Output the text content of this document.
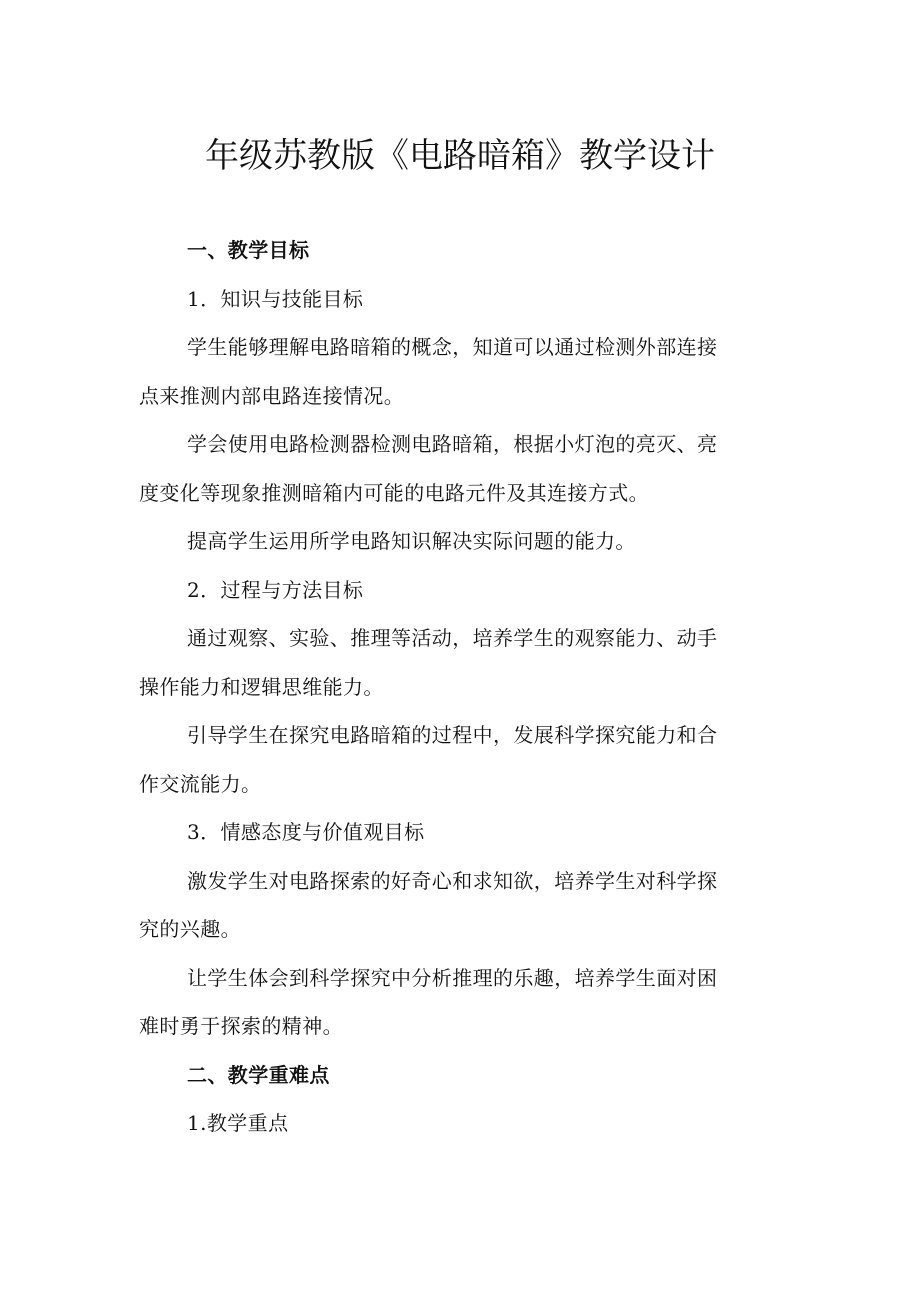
年级苏教版《电路暗箱》教学设计
一、教学目标
1．知识与技能目标
学生能够理解电路暗箱的概念，知道可以通过检测外部连接
点来推测内部电路连接情况。
学会使用电路检测器检测电路暗箱，根据小灯泡的亮灭、亮
度变化等现象推测暗箱内可能的电路元件及其连接方式。
提高学生运用所学电路知识解决实际问题的能力。
2．过程与方法目标
通过观察、实验、推理等活动，培养学生的观察能力、动手
操作能力和逻辑思维能力。
引导学生在探究电路暗箱的过程中，发展科学探究能力和合
作交流能力。
3．情感态度与价值观目标
激发学生对电路探索的好奇心和求知欲，培养学生对科学探
究的兴趣。
让学生体会到科学探究中分析推理的乐趣，培养学生面对困
难时勇于探索的精神。
二、教学重难点
1.教学重点
